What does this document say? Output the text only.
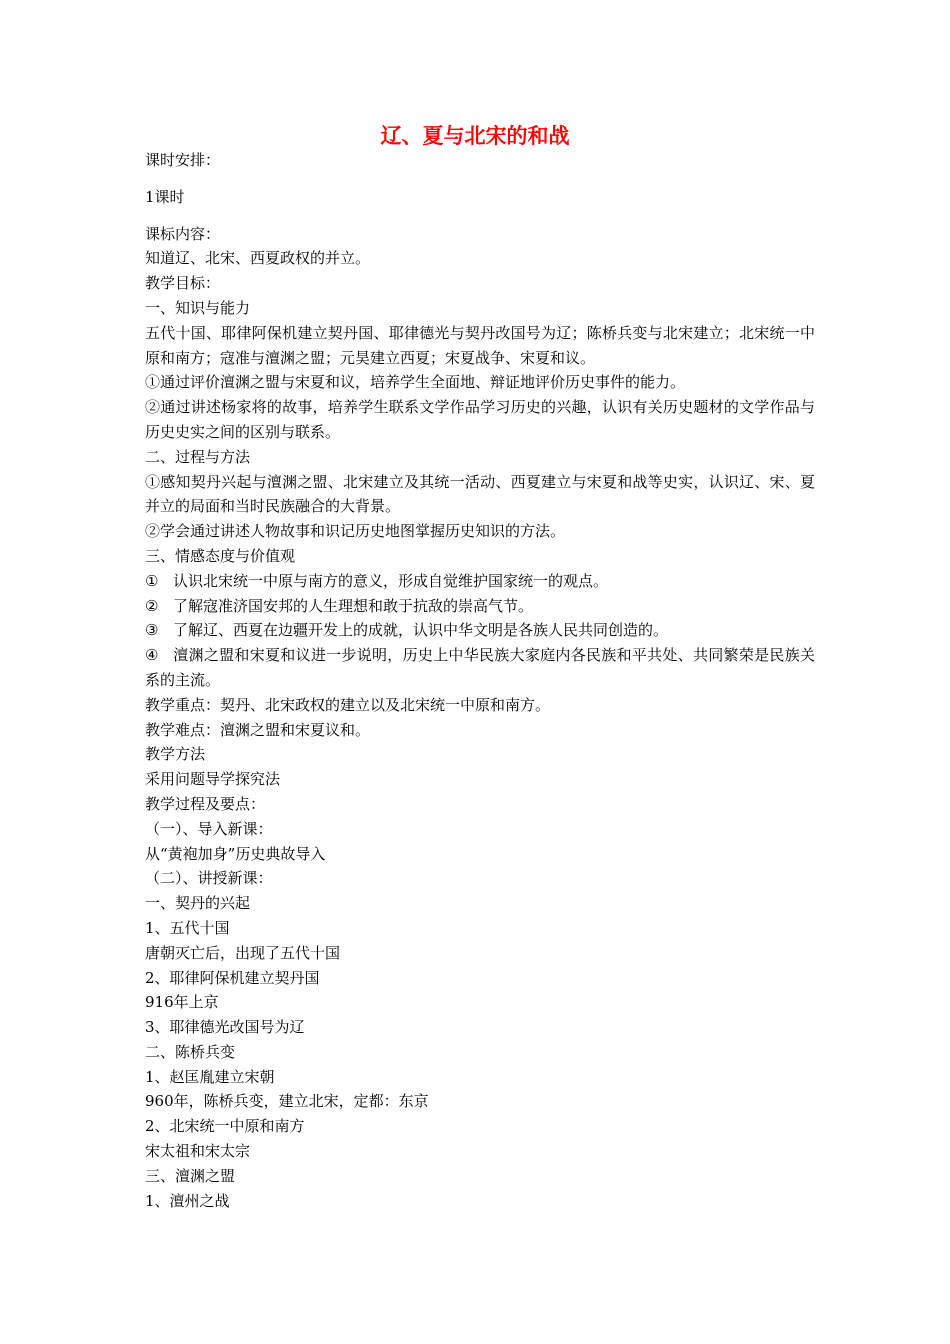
辽、夏与北宋的和战
课时安排：
1课时
课标内容：
知道辽、北宋、西夏政权的并立。
教学目标：
一、知识与能力
五代十国、耶律阿保机建立契丹国、耶律德光与契丹改国号为辽；陈桥兵变与北宋建立；北宋统一中原和南方；寇准与澶渊之盟；元昊建立西夏；宋夏战争、宋夏和议。
①通过评价澶渊之盟与宋夏和议，培养学生全面地、辩证地评价历史事件的能力。
②通过讲述杨家将的故事，培养学生联系文学作品学习历史的兴趣，认识有关历史题材的文学作品与历史史实之间的区别与联系。
二、过程与方法
①感知契丹兴起与澶渊之盟、北宋建立及其统一活动、西夏建立与宋夏和战等史实，认识辽、宋、夏并立的局面和当时民族融合的大背景。
②学会通过讲述人物故事和识记历史地图掌握历史知识的方法。
三、情感态度与价值观
① 认识北宋统一中原与南方的意义，形成自觉维护国家统一的观点。
② 了解寇准济国安邦的人生理想和敢于抗敌的崇高气节。
③ 了解辽、西夏在边疆开发上的成就，认识中华文明是各族人民共同创造的。
④ 澶渊之盟和宋夏和议进一步说明，历史上中华民族大家庭内各民族和平共处、共同繁荣是民族关系的主流。
教学重点：契丹、北宋政权的建立以及北宋统一中原和南方。
教学难点：澶渊之盟和宋夏议和。
教学方法
采用问题导学探究法
教学过程及要点：
（一）、导入新课：
从“黄袍加身”历史典故导入
（二）、讲授新课：
一、契丹的兴起
1、五代十国
唐朝灭亡后，出现了五代十国
2、耶律阿保机建立契丹国
916年上京
3、耶律德光改国号为辽
二、陈桥兵变
1、赵匡胤建立宋朝
960年，陈桥兵变，建立北宋，定都：东京
2、北宋统一中原和南方
宋太祖和宋太宗
三、澶渊之盟
1、澶州之战
